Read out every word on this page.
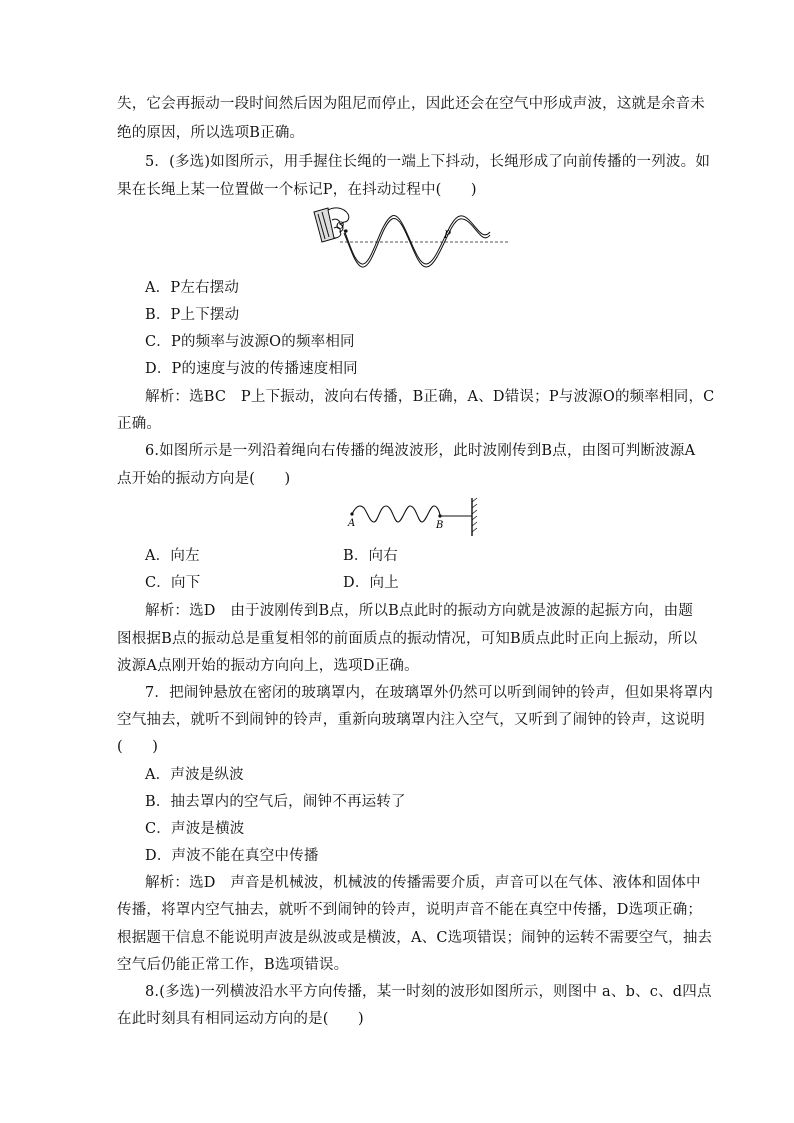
失，它会再振动一段时间然后因为阻尼而停止，因此还会在空气中形成声波，这就是余音未
绝的原因，所以选项B正确。
5．(多选)如图所示，用手握住长绳的一端上下抖动，长绳形成了向前传播的一列波。如
果在长绳上某一位置做一个标记P，在抖动过程中(　　)
O
P
A．P左右摆动
B．P上下摆动
C．P的频率与波源O的频率相同
D．P的速度与波的传播速度相同
解析：选BC　P上下振动，波向右传播，B正确，A、D错误；P与波源O的频率相同，C
正确。
6.如图所示是一列沿着绳向右传播的绳波波形，此时波刚传到B点，由图可判断波源A
点开始的振动方向是(　　)
A	B
A．向左	B．向右
C．向下	D．向上
解析：选D　由于波刚传到B点，所以B点此时的振动方向就是波源的起振方向，由题
图根据B点的振动总是重复相邻的前面质点的振动情况，可知B质点此时正向上振动，所以
波源A点刚开始的振动方向向上，选项D正确。
7．把闹钟悬放在密闭的玻璃罩内，在玻璃罩外仍然可以听到闹钟的铃声，但如果将罩内
空气抽去，就听不到闹钟的铃声，重新向玻璃罩内注入空气，又听到了闹钟的铃声，这说明
(　　)
A．声波是纵波
B．抽去罩内的空气后，闹钟不再运转了
C．声波是横波
D．声波不能在真空中传播
解析：选D　声音是机械波，机械波的传播需要介质，声音可以在气体、液体和固体中
传播，将罩内空气抽去，就听不到闹钟的铃声，说明声音不能在真空中传播，D选项正确；
根据题干信息不能说明声波是纵波或是横波，A、C选项错误；闹钟的运转不需要空气，抽去
空气后仍能正常工作，B选项错误。
8.(多选)一列横波沿水平方向传播，某一时刻的波形如图所示，则图中 a、b、c、d四点
在此时刻具有相同运动方向的是(　　)
